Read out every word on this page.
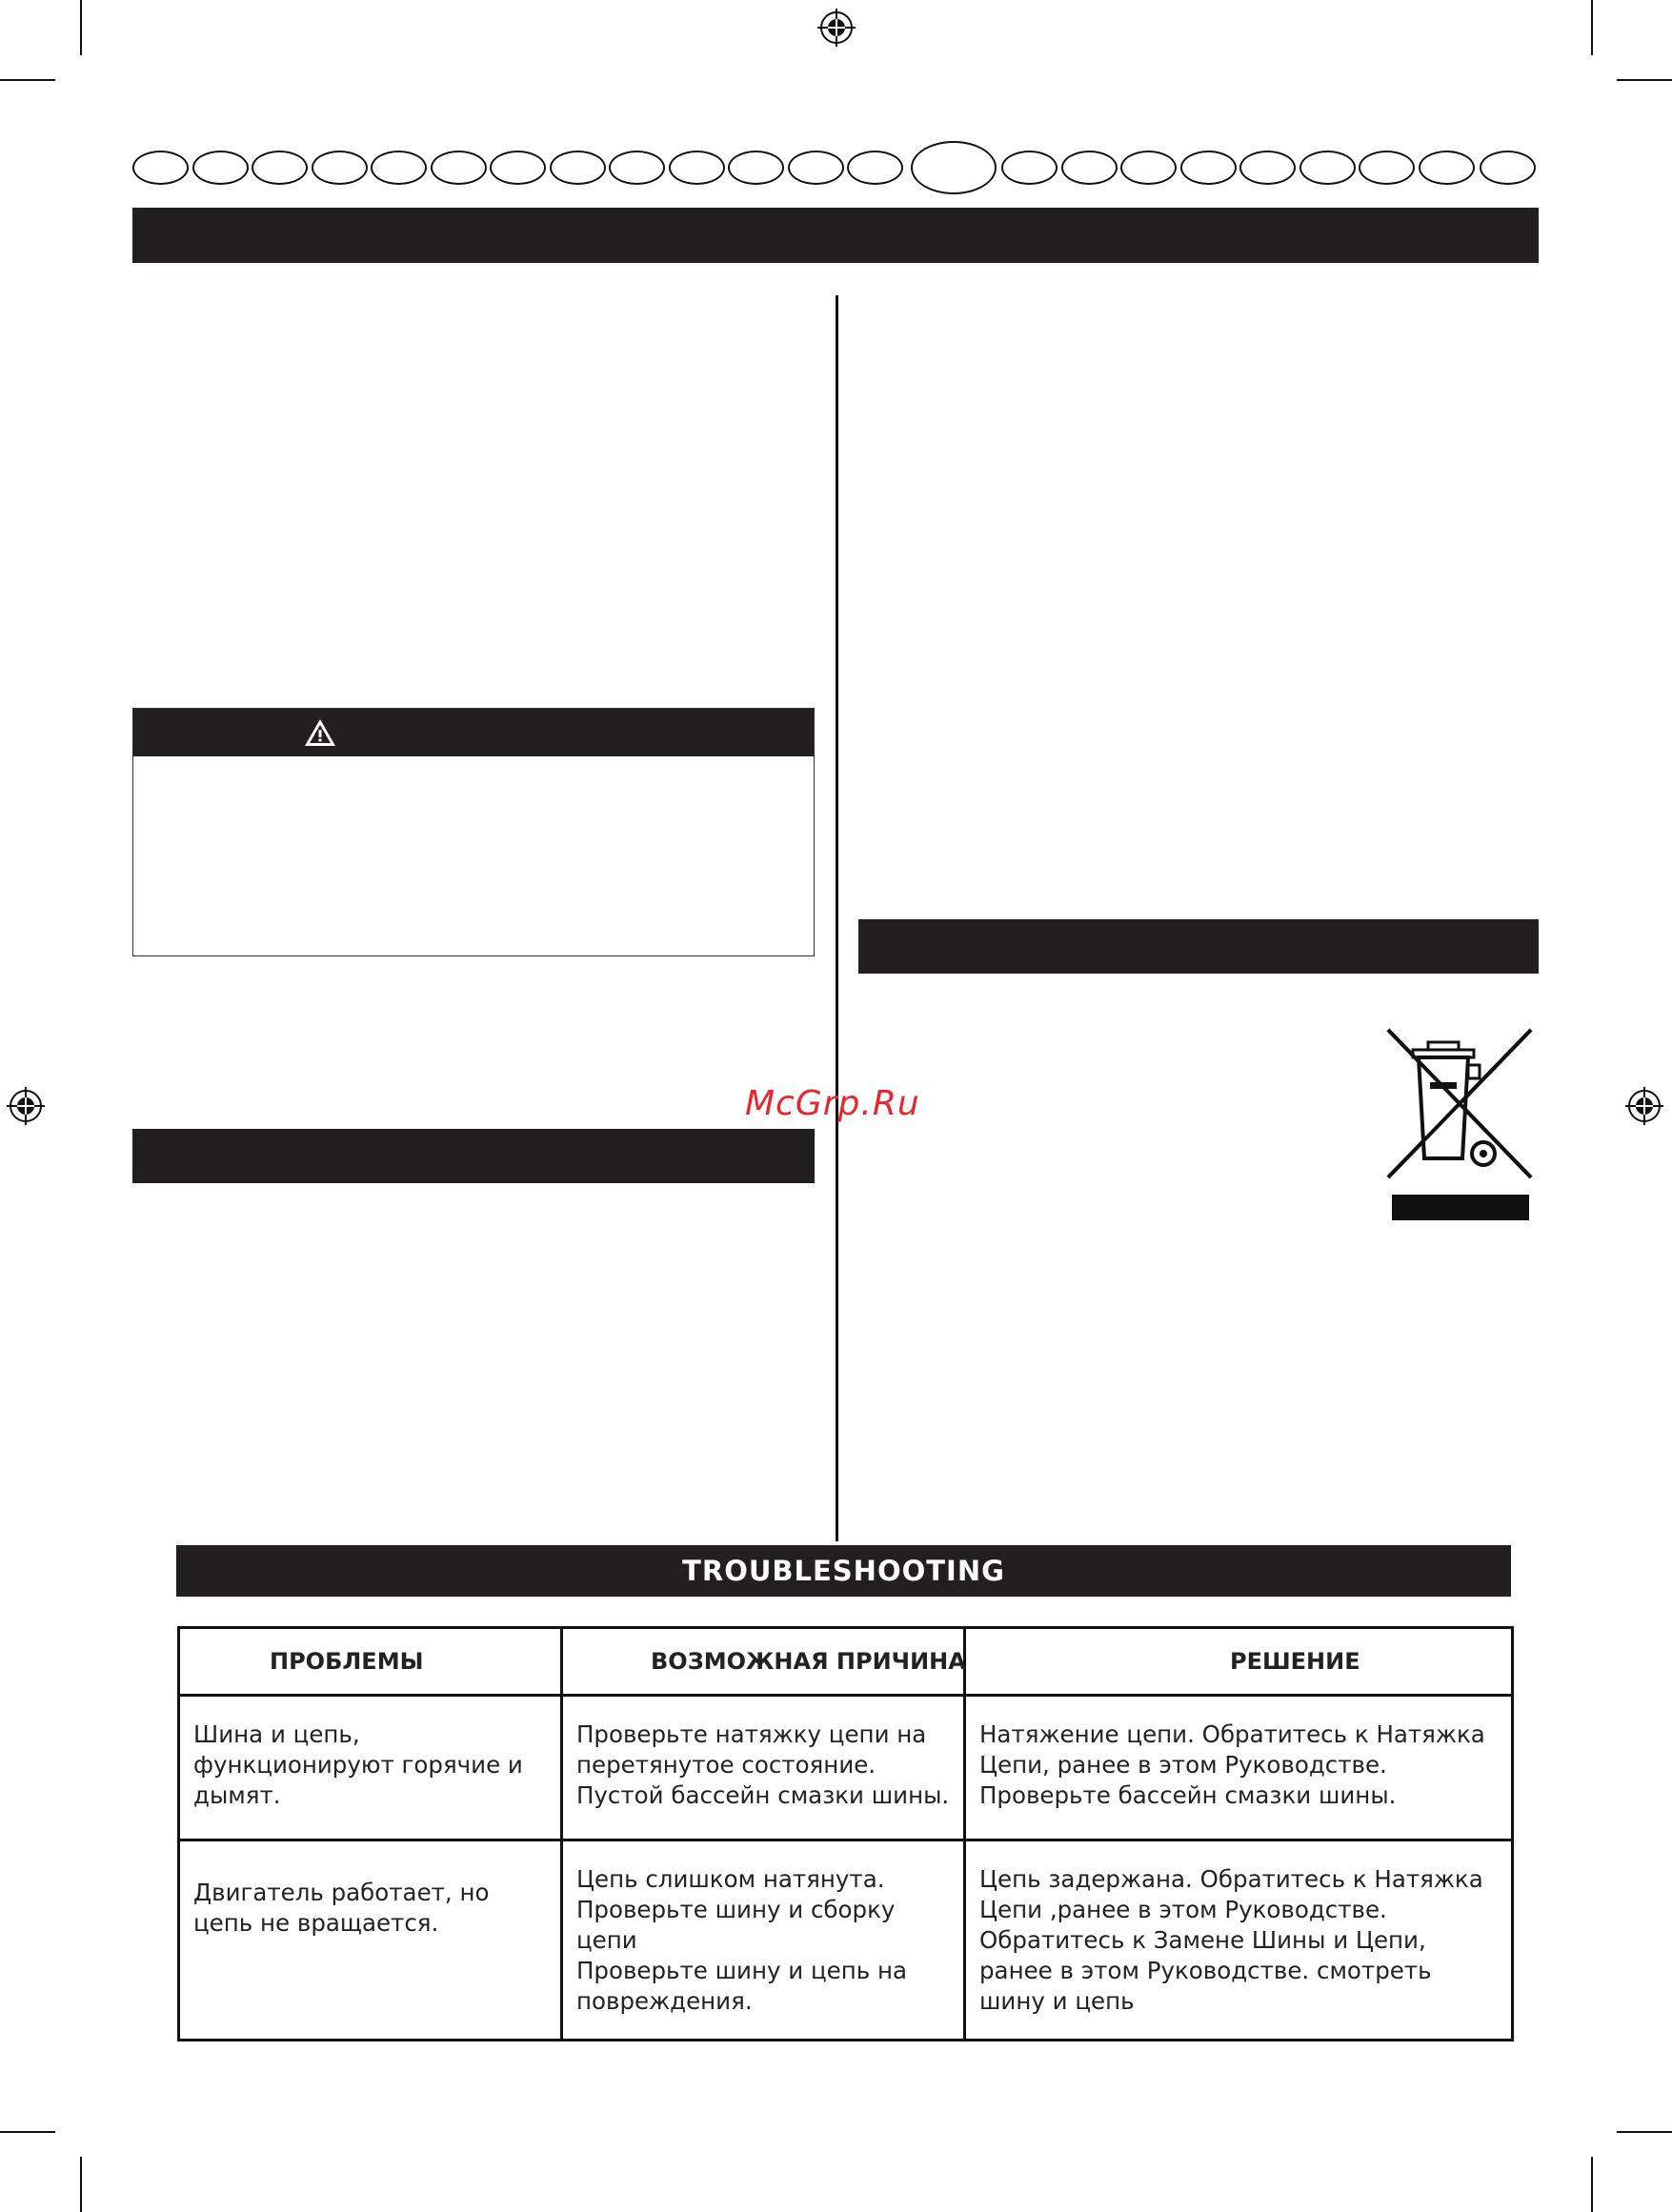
McGrp.Ru
TROUBLESHOOTING
ПРОБЛЕМЫ	ВОЗМОЖНАЯ ПРИЧИНА	РЕШЕНИЕ

Шина и цепь,
функционируют горячие и
дымят.	Проверьте натяжку цепи на
перетянутое состояние.
Пустой бассейн смазки шины.	Натяжение цепи. Обратитесь к Натяжка
Цепи, ранее в этом Руководстве.
Проверьте бассейн смазки шины.

Двигатель работает, но
цепь не вращается.	Цепь слишком натянута.
Проверьте шину и сборку
цепи
Проверьте шину и цепь на
повреждения.	Цепь задержана. Обратитесь к Натяжка
Цепи ,ранее в этом Руководстве.
Обратитесь к Замене Шины и Цепи,
ранее в этом Руководстве. смотреть
шину и цепь
